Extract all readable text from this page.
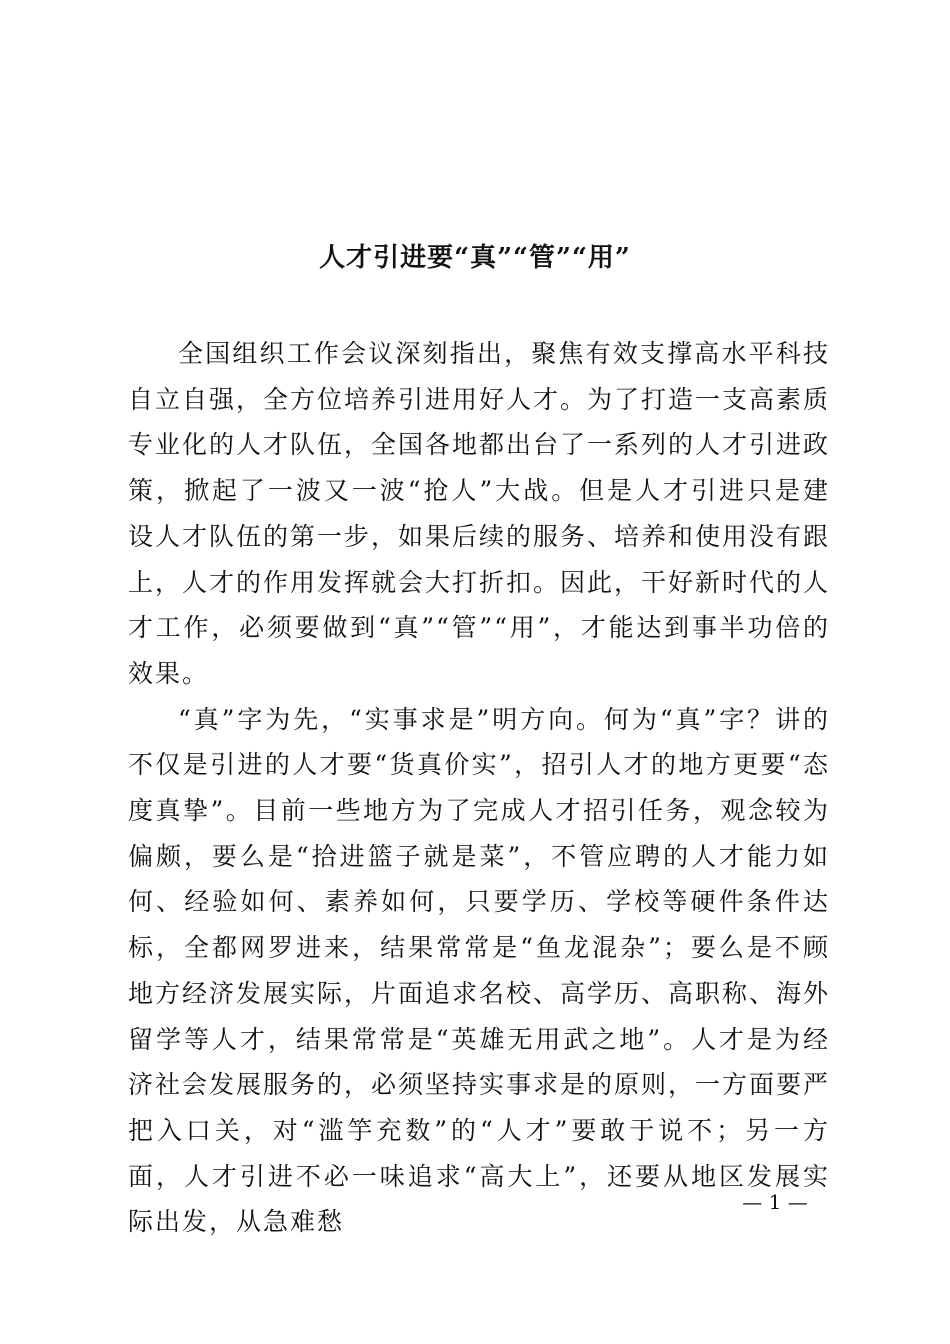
人才引进要“真”“管”“用”

全国组织工作会议深刻指出，聚焦有效支撑高水平科技自立自强，全方位培养引进用好人才。为了打造一支高素质专业化的人才队伍，全国各地都出台了一系列的人才引进政策，掀起了一波又一波“抢人”大战。但是人才引进只是建设人才队伍的第一步，如果后续的服务、培养和使用没有跟上，人才的作用发挥就会大打折扣。因此，干好新时代的人才工作，必须要做到“真”“管”“用”，才能达到事半功倍的效果。

“真”字为先，“实事求是”明方向。何为“真”字？讲的不仅是引进的人才要“货真价实”，招引人才的地方更要“态度真挚”。目前一些地方为了完成人才招引任务，观念较为偏颇，要么是“拾进篮子就是菜”，不管应聘的人才能力如何、经验如何、素养如何，只要学历、学校等硬件条件达标，全都网罗进来，结果常常是“鱼龙混杂”；要么是不顾地方经济发展实际，片面追求名校、高学历、高职称、海外留学等人才，结果常常是“英雄无用武之地”。人才是为经济社会发展服务的，必须坚持实事求是的原则，一方面要严把入口关，对“滥竽充数”的“人才”要敢于说不；另一方面，人才引进不必一味追求“高大上”，还要从地区发展实际出发，从急难愁

— 1 —
